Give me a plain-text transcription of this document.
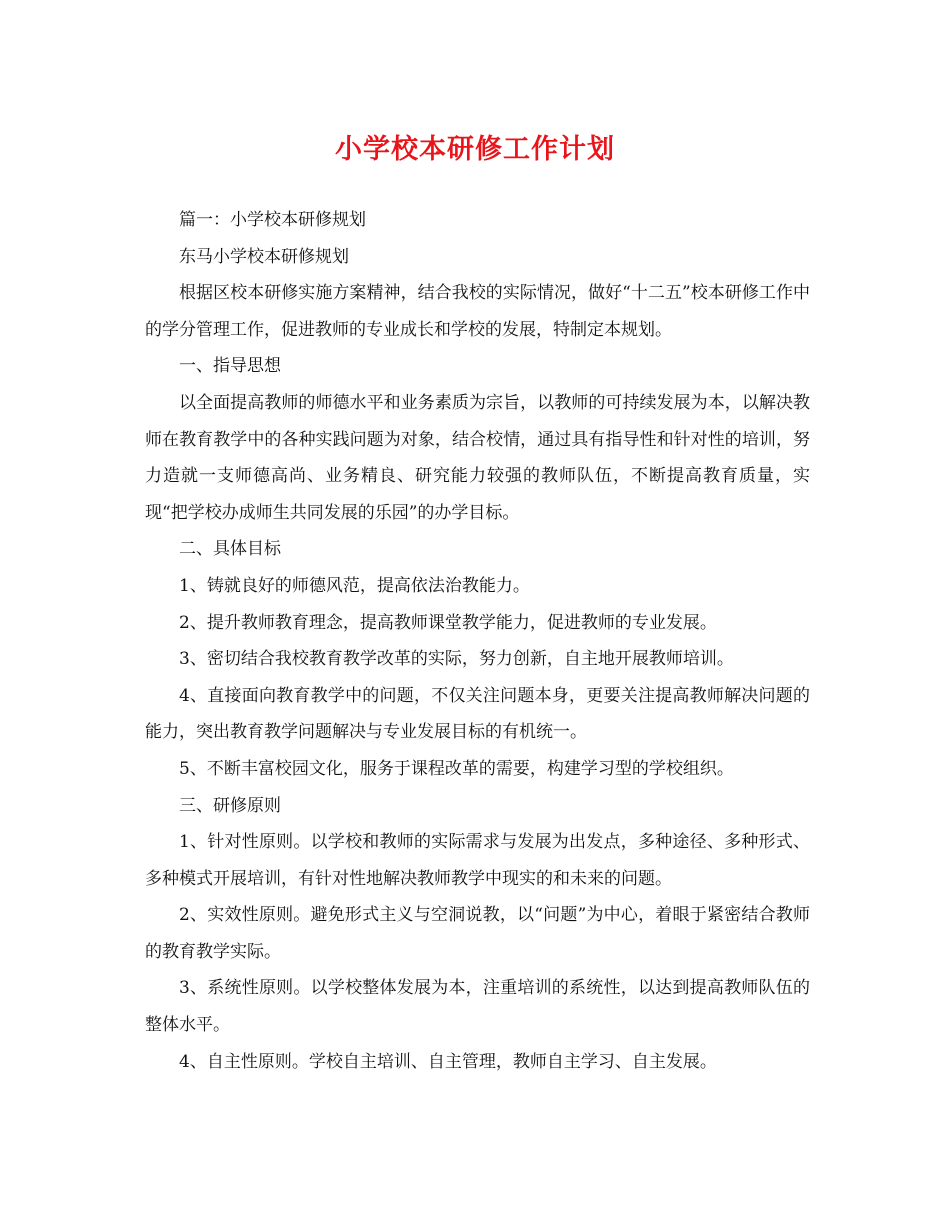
小学校本研修工作计划

篇一：小学校本研修规划

东马小学校本研修规划

根据区校本研修实施方案精神，结合我校的实际情况，做好“十二五”校本研修工作中的学分管理工作，促进教师的专业成长和学校的发展，特制定本规划。

一、指导思想

以全面提高教师的师德水平和业务素质为宗旨，以教师的可持续发展为本，以解决教师在教育教学中的各种实践问题为对象，结合校情，通过具有指导性和针对性的培训，努力造就一支师德高尚、业务精良、研究能力较强的教师队伍，不断提高教育质量，实现“把学校办成师生共同发展的乐园”的办学目标。

二、具体目标

1、铸就良好的师德风范，提高依法治教能力。

2、提升教师教育理念，提高教师课堂教学能力，促进教师的专业发展。

3、密切结合我校教育教学改革的实际，努力创新，自主地开展教师培训。

4、直接面向教育教学中的问题，不仅关注问题本身，更要关注提高教师解决问题的能力，突出教育教学问题解决与专业发展目标的有机统一。

5、不断丰富校园文化，服务于课程改革的需要，构建学习型的学校组织。

三、研修原则

1、针对性原则。以学校和教师的实际需求与发展为出发点，多种途径、多种形式、多种模式开展培训，有针对性地解决教师教学中现实的和未来的问题。

2、实效性原则。避免形式主义与空洞说教，以“问题”为中心，着眼于紧密结合教师的教育教学实际。

3、系统性原则。以学校整体发展为本，注重培训的系统性，以达到提高教师队伍的整体水平。

4、自主性原则。学校自主培训、自主管理，教师自主学习、自主发展。
